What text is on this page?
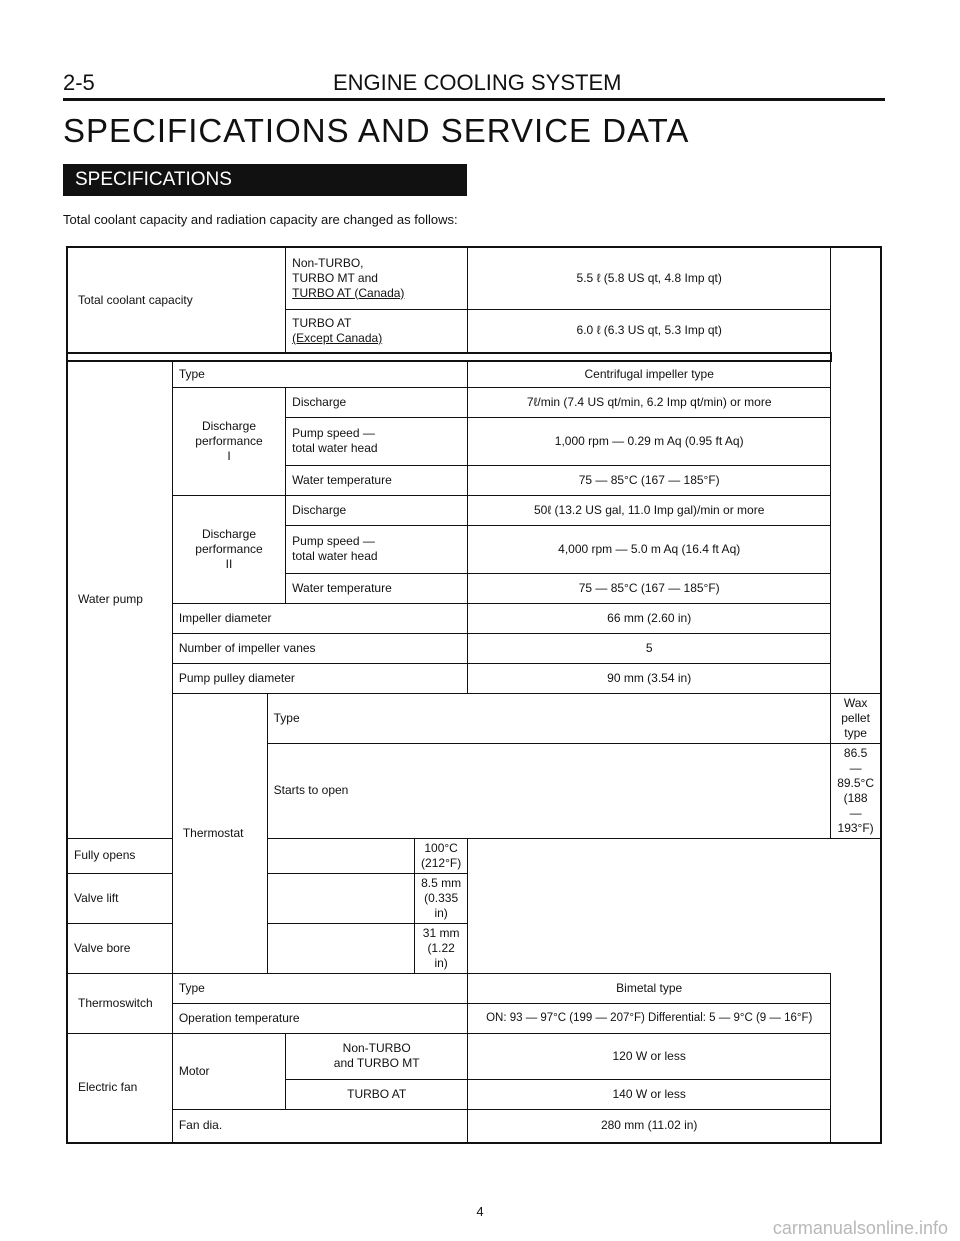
2-5	ENGINE COOLING SYSTEM
SPECIFICATIONS AND SERVICE DATA
SPECIFICATIONS
Total coolant capacity and radiation capacity are changed as follows:
Total coolant capacity			Non-TURBO,
TURBO MT and
TURBO AT (Canada)		5.5 ℓ (5.8 US qt, 4.8 Imp qt)	

			TURBO AT
(Except Canada)		6.0 ℓ (6.3 US qt, 5.3 Imp qt)	

Water pump	Type				Centrifugal impeller type	

	Discharge
performance
I		Discharge		7ℓ/min (7.4 US qt/min, 6.2 Imp qt/min) or more	

			Pump speed —
total water head		1,000 rpm — 0.29 m Aq (0.95 ft Aq)	
			Water temperature		75 — 85°C (167 — 185°F)	

	Discharge
performance
II		Discharge		50ℓ (13.2 US gal, 11.0 Imp gal)/min or more	

			Pump speed —
total water head		4,000 rpm — 5.0 m Aq (16.4 ft Aq)	
			Water temperature		75 — 85°C (167 — 185°F)	
	Impeller diameter				66 mm (2.60 in)	
	Number of impeller vanes				5	
	Pump pulley diameter				90 mm (3.54 in)	
	Thermostat	Type				Wax pellet type
		Starts to open				86.5 — 89.5°C (188 — 193°F)
Fully opens				100°C (212°F)		
Valve lift				8.5 mm (0.335 in)		
Valve bore				31 mm (1.22 in)		
Thermoswitch	Type				Bimetal type	
	Operation temperature				ON: 93 — 97°C (199 — 207°F) Differential: 5 — 9°C (9 — 16°F)	
Electric fan	Motor		Non-TURBO
and TURBO MT		120 W or less	
			TURBO AT		140 W or less	
	Fan dia.				280 mm (11.02 in)	
4
carmanualsonline.info
